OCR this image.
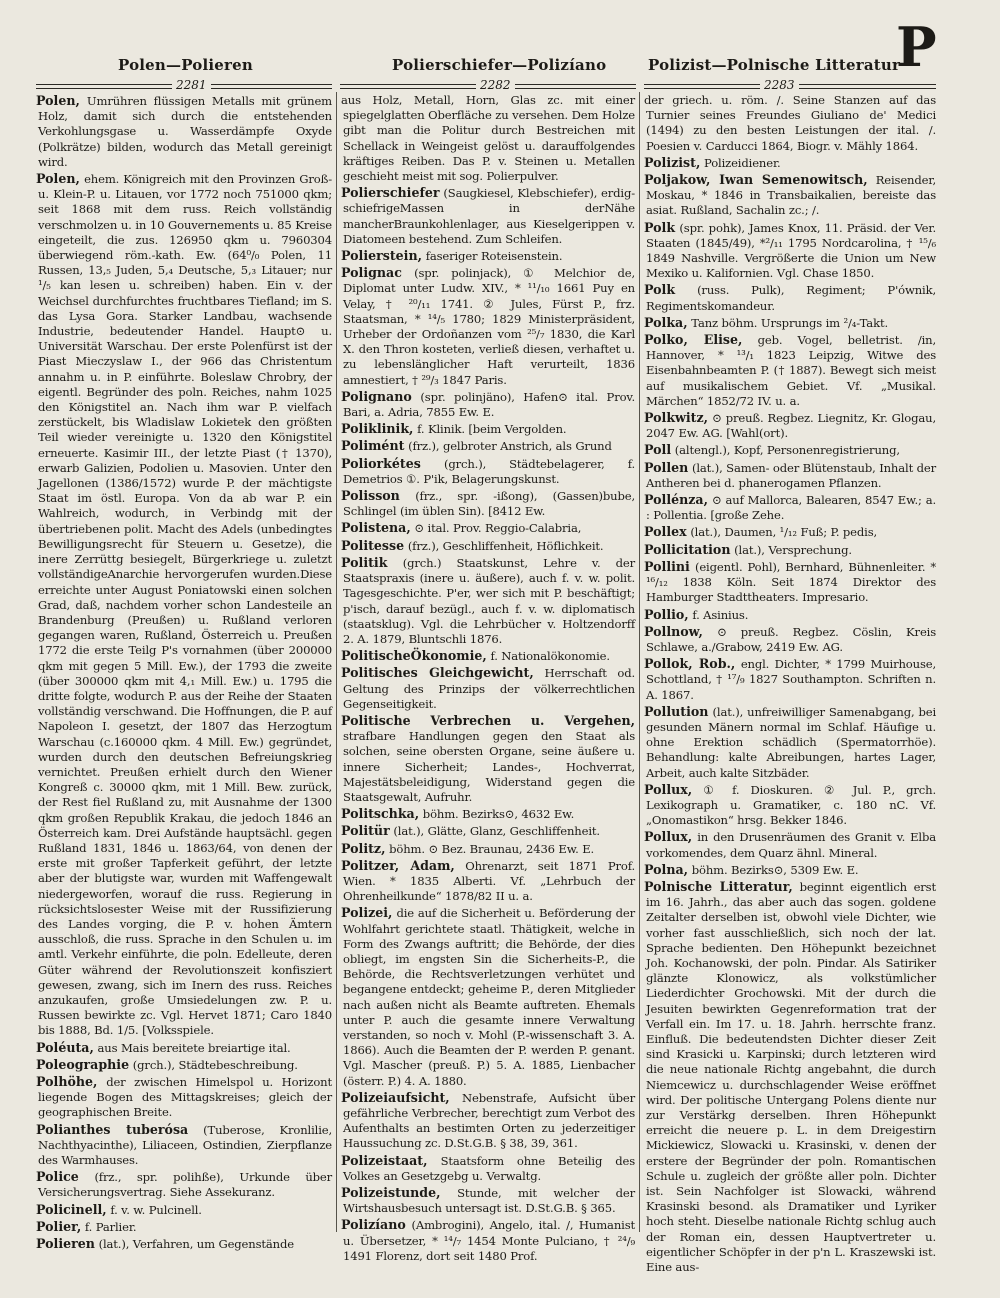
Polen—Polieren	Polierschiefer—Polizíano	Polizist—Polnische Litteratur
P
2281	2282	2283
Polen, Umrühren flüssigen Metalls mit grünem Holz, damit sich durch die entstehenden Verkohlungsgase u. Wasserdämpfe Oxyde (Polkrätze) bilden, wodurch das Metall gereinigt wird.
Polen, ehem. Königreich mit den Provinzen Groß- u. Klein-P. u. Litauen, vor 1772 noch 751000 qkm; seit 1868 mit dem russ. Reich vollständig verschmolzen u. in 10 Gouvernements u. 85 Kreise eingeteilt, die zus. 126950 qkm u. 7960304 überwiegend röm.-kath. Ew. (64⁰/₀ Polen, 11 Russen, 13,₅ Juden, 5,₄ Deutsche, 5,₃ Litauer; nur ¹/₅ kan lesen u. schreiben) haben. Ein v. der Weichsel durchfurchtes fruchtbares Tiefland; im S. das Lysa Gora. Starker Landbau, wachsende Industrie, bedeutender Handel. Haupt⊙ u. Universität Warschau. Der erste Polenfürst ist der Piast Mieczyslaw I., der 966 das Christentum annahm u. in P. einführte. Boleslaw Chrobry, der eigentl. Begründer des poln. Reiches, nahm 1025 den Königstitel an. Nach ihm war P. vielfach zerstückelt, bis Wladislaw Lokietek den größten Teil wieder vereinigte u. 1320 den Königstitel erneuerte. Kasimir III., der letzte Piast († 1370), erwarb Galizien, Podolien u. Masovien. Unter den Jagellonen (1386/1572) wurde P. der mächtigste Staat im östl. Europa. Von da ab war P. ein Wahlreich, wodurch, in Verbindg mit der übertriebenen polit. Macht des Adels (unbedingtes Bewilligungsrecht für Steuern u. Gesetze), die inere Zerrüttg besiegelt, Bürgerkriege u. zuletzt vollständigeAnarchie hervorgerufen wurden.Diese erreichte unter August Poniatowski einen solchen Grad, daß, nachdem vorher schon Landesteile an Brandenburg (Preußen) u. Rußland verloren gegangen waren, Rußland, Österreich u. Preußen 1772 die erste Teilg P's vornahmen (über 200000 qkm mit gegen 5 Mill. Ew.), der 1793 die zweite (über 300000 qkm mit 4,₁ Mill. Ew.) u. 1795 die dritte folgte, wodurch P. aus der Reihe der Staaten vollständig verschwand. Die Hoffnungen, die P. auf Napoleon I. gesetzt, der 1807 das Herzogtum Warschau (c.160000 qkm. 4 Mill. Ew.) gegründet, wurden durch den deutschen Befreiungskrieg vernichtet. Preußen erhielt durch den Wiener Kongreß c. 30000 qkm, mit 1 Mill. Bew. zurück, der Rest fiel Rußland zu, mit Ausnahme der 1300 qkm großen Republik Krakau, die jedoch 1846 an Österreich kam. Drei Aufstände hauptsächl. gegen Rußland 1831, 1846 u. 1863/64, von denen der erste mit großer Tapferkeit geführt, der letzte aber der blutigste war, wurden mit Waffengewalt niedergeworfen, worauf die russ. Regierung in rücksichtslosester Weise mit der Russifizierung des Landes vorging, die P. v. hohen Ämtern ausschloß, die russ. Sprache in den Schulen u. im amtl. Verkehr einführte, die poln. Edelleute, deren Güter während der Revolutionszeit konfisziert gewesen, zwang, sich im Inern des russ. Reiches anzukaufen, große Umsiedelungen zw. P. u. Russen bewirkte zc. Vgl. Hervet 1871; Caro 1840 bis 1888, Bd. 1/5. [Volksspiele.
Poléuta, aus Mais bereitete breiartige ital.
Poleographie (grch.), Städtebeschreibung.
Polhöhe, der zwischen Himelspol u. Horizont liegende Bogen des Mittagskreises; gleich der geographischen Breite.
Polianthes tuberósa (Tuberose, Kronlilie, Nachthyacinthe), Liliaceen, Ostindien, Zierpflanze des Warmhauses.
Police (frz., spr. polihße), Urkunde über Versicherungsvertrag. Siehe Assekuranz.
Policinell, f. v. w. Pulcinell.
Polier, f. Parlier.
Polieren (lat.), Verfahren, um Gegenstände
aus Holz, Metall, Horn, Glas zc. mit einer spiegelglatten Oberfläche zu versehen. Dem Holze gibt man die Politur durch Bestreichen mit Schellack in Weingeist gelöst u. darauffolgendes kräftiges Reiben. Das P. v. Steinen u. Metallen geschieht meist mit sog. Polierpulver.
Polierschiefer (Saugkiesel, Klebschiefer), erdig-schiefrigeMassen in derNähe mancherBraunkohlenlager, aus Kieselgerippen v. Diatomeen bestehend. Zum Schleifen.
Polierstein, faseriger Roteisenstein.
Polignac (spr. polinjack), ① Melchior de, Diplomat unter Ludw. XIV., * ¹¹/₁₀ 1661 Puy en Velay, † ²⁰/₁₁ 1741. ② Jules, Fürst P., frz. Staatsman, * ¹⁴/₅ 1780; 1829 Ministerpräsident, Urheber der Ordoñanzen vom ²⁵/₇ 1830, die Karl X. den Thron kosteten, verließ diesen, verhaftet u. zu lebenslänglicher Haft verurteilt, 1836 amnestiert, † ²⁹/₃ 1847 Paris.
Polignano (spr. polinjäno), Hafen⊙ ital. Prov. Bari, a. Adria, 7855 Ew. E.
Poliklinik, f. Klinik. [beim Vergolden.
Polimént (frz.), gelbroter Anstrich, als Grund
Poliorkétes (grch.), Städtebelagerer, f. Demetrios ①. P'ik, Belagerungskunst.
Polisson (frz., spr. -ißong), (Gassen)bube, Schlingel (im üblen Sin). [8412 Ew.
Polistena, ⊙ ital. Prov. Reggio-Calabria,
Politesse (frz.), Geschliffenheit, Höflichkeit.
Politik (grch.) Staatskunst, Lehre v. der Staatspraxis (inere u. äußere), auch f. v. w. polit. Tagesgeschichte. P'er, wer sich mit P. beschäftigt; p'isch, darauf bezügl., auch f. v. w. diplomatisch (staatsklug). Vgl. die Lehrbücher v. Holtzendorff 2. A. 1879, Bluntschli 1876.
PolitischeÖkonomie, f. Nationalökonomie.
Politisches Gleichgewicht, Herrschaft od. Geltung des Prinzips der völkerrechtlichen Gegenseitigkeit.
Politische Verbrechen u. Vergehen, strafbare Handlungen gegen den Staat als solchen, seine obersten Organe, seine äußere u. innere Sicherheit; Landes-, Hochverrat, Majestätsbeleidigung, Widerstand gegen die Staatsgewalt, Aufruhr.
Politschka, böhm. Bezirks⊙, 4632 Ew.
Politür (lat.), Glätte, Glanz, Geschliffenheit.
Politz, böhm. ⊙ Bez. Braunau, 2436 Ew. E.
Politzer, Adam, Ohrenarzt, seit 1871 Prof. Wien. * 1835 Alberti. Vf. „Lehrbuch der Ohrenheilkunde“ 1878/82 II u. a.
Polizei, die auf die Sicherheit u. Beförderung der Wohlfahrt gerichtete staatl. Thätigkeit, welche in Form des Zwangs auftritt; die Behörde, der dies obliegt, im engsten Sin die Sicherheits-P., die Behörde, die Rechtsverletzungen verhütet und begangene entdeckt; geheime P., deren Mitglieder nach außen nicht als Beamte auftreten. Ehemals unter P. auch die gesamte innere Verwaltung verstanden, so noch v. Mohl (P.-wissenschaft 3. A. 1866). Auch die Beamten der P. werden P. genant. Vgl. Mascher (preuß. P.) 5. A. 1885, Lienbacher (österr. P.) 4. A. 1880.
Polizeiaufsicht, Nebenstrafe, Aufsicht über gefährliche Verbrecher, berechtigt zum Verbot des Aufenthalts an bestimten Orten zu jederzeitiger Haussuchung zc. D.St.G.B. § 38, 39, 361.
Polizeistaat, Staatsform ohne Beteilig des Volkes an Gesetzgebg u. Verwaltg.
Polizeistunde, Stunde, mit welcher der Wirtshausbesuch untersagt ist. D.St.G.B. § 365.
Polizíano (Ambrogini), Angelo, ital. /, Humanist u. Übersetzer, * ¹⁴/₇ 1454 Monte Pulciano, † ²⁴/₉ 1491 Florenz, dort seit 1480 Prof.
der griech. u. röm. /. Seine Stanzen auf das Turnier seines Freundes Giuliano de' Medici (1494) zu den besten Leistungen der ital. /. Poesien v. Carducci 1864, Biogr. v. Mähly 1864.
Polizist, Polizeidiener.
Poljakow, Iwan Semenowitsch, Reisender, Moskau, * 1846 in Transbaikalien, bereiste das asiat. Rußland, Sachalin zc.; /.
Polk (spr. pohk), James Knox, 11. Präsid. der Ver. Staaten (1845/49), *²/₁₁ 1795 Nordcarolina, † ¹⁵/₆ 1849 Nashville. Vergrößerte die Union um New Mexiko u. Kalifornien. Vgl. Chase 1850.
Polk (russ. Pulk), Regiment; P'ównik, Regimentskomandeur.
Polka, Tanz böhm. Ursprungs im ²/₄-Takt.
Polko, Elise, geb. Vogel, belletrist. /in, Hannover, * ¹³/₁ 1823 Leipzig, Witwe des Eisenbahnbeamten P. († 1887). Bewegt sich meist auf musikalischem Gebiet. Vf. „Musikal. Märchen“ 1852/72 IV. u. a.
Polkwitz, ⊙ preuß. Regbez. Liegnitz, Kr. Glogau, 2047 Ew. AG. [Wahl(ort).
Poll (altengl.), Kopf, Personenregistrierung,
Pollen (lat.), Samen- oder Blütenstaub, Inhalt der Antheren bei d. phanerogamen Pflanzen.
Pollénza, ⊙ auf Mallorca, Balearen, 8547 Ew.; a. : Pollentia. [große Zehe.
Pollex (lat.), Daumen, ¹/₁₂ Fuß; P. pedis,
Pollicitation (lat.), Versprechung.
Pollini (eigentl. Pohl), Bernhard, Bühnenleiter. * ¹⁶/₁₂ 1838 Köln. Seit 1874 Direktor des Hamburger Stadttheaters. Impresario.
Pollio, f. Asinius.
Pollnow, ⊙ preuß. Regbez. Cöslin, Kreis Schlawe, a./Grabow, 2419 Ew. AG.
Pollok, Rob., engl. Dichter, * 1799 Muirhouse, Schottland, † ¹⁷/₉ 1827 Southampton. Schriften n. A. 1867.
Pollution (lat.), unfreiwilliger Samenabgang, bei gesunden Mänern normal im Schlaf. Häufige u. ohne Erektion schädlich (Spermatorrhöe). Behandlung: kalte Abreibungen, hartes Lager, Arbeit, auch kalte Sitzbäder.
Pollux, ① f. Dioskuren. ② Jul. P., grch. Lexikograph u. Gramatiker, c. 180 nC. Vf. „Onomastikon“ hrsg. Bekker 1846.
Pollux, in den Drusenräumen des Granit v. Elba vorkomendes, dem Quarz ähnl. Mineral.
Polna, böhm. Bezirks⊙, 5309 Ew. E.
Polnische Litteratur, beginnt eigentlich erst im 16. Jahrh., das aber auch das sogen. goldene Zeitalter derselben ist, obwohl viele Dichter, wie vorher fast ausschließlich, sich noch der lat. Sprache bedienten. Den Höhepunkt bezeichnet Joh. Kochanowski, der poln. Pindar. Als Satiriker glänzte Klonowicz, als volkstümlicher Liederdichter Grochowski. Mit der durch die Jesuiten bewirkten Gegenreformation trat der Verfall ein. Im 17. u. 18. Jahrh. herrschte franz. Einfluß. Die bedeutendsten Dichter dieser Zeit sind Krasicki u. Karpinski; durch letzteren wird die neue nationale Richtg angebahnt, die durch Niemcewicz u. durchschlagender Weise eröffnet wird. Der politische Untergang Polens diente nur zur Verstärkg derselben. Ihren Höhepunkt erreicht die neuere p. L. in dem Dreigestirn Mickiewicz, Slowacki u. Krasinski, v. denen der erstere der Begründer der poln. Romantischen Schule u. zugleich der größte aller poln. Dichter ist. Sein Nachfolger ist Slowacki, während Krasinski besond. als Dramatiker und Lyriker hoch steht. Dieselbe nationale Richtg schlug auch der Roman ein, dessen Hauptvertreter u. eigentlicher Schöpfer in der p'n L. Kraszewski ist. Eine aus-
